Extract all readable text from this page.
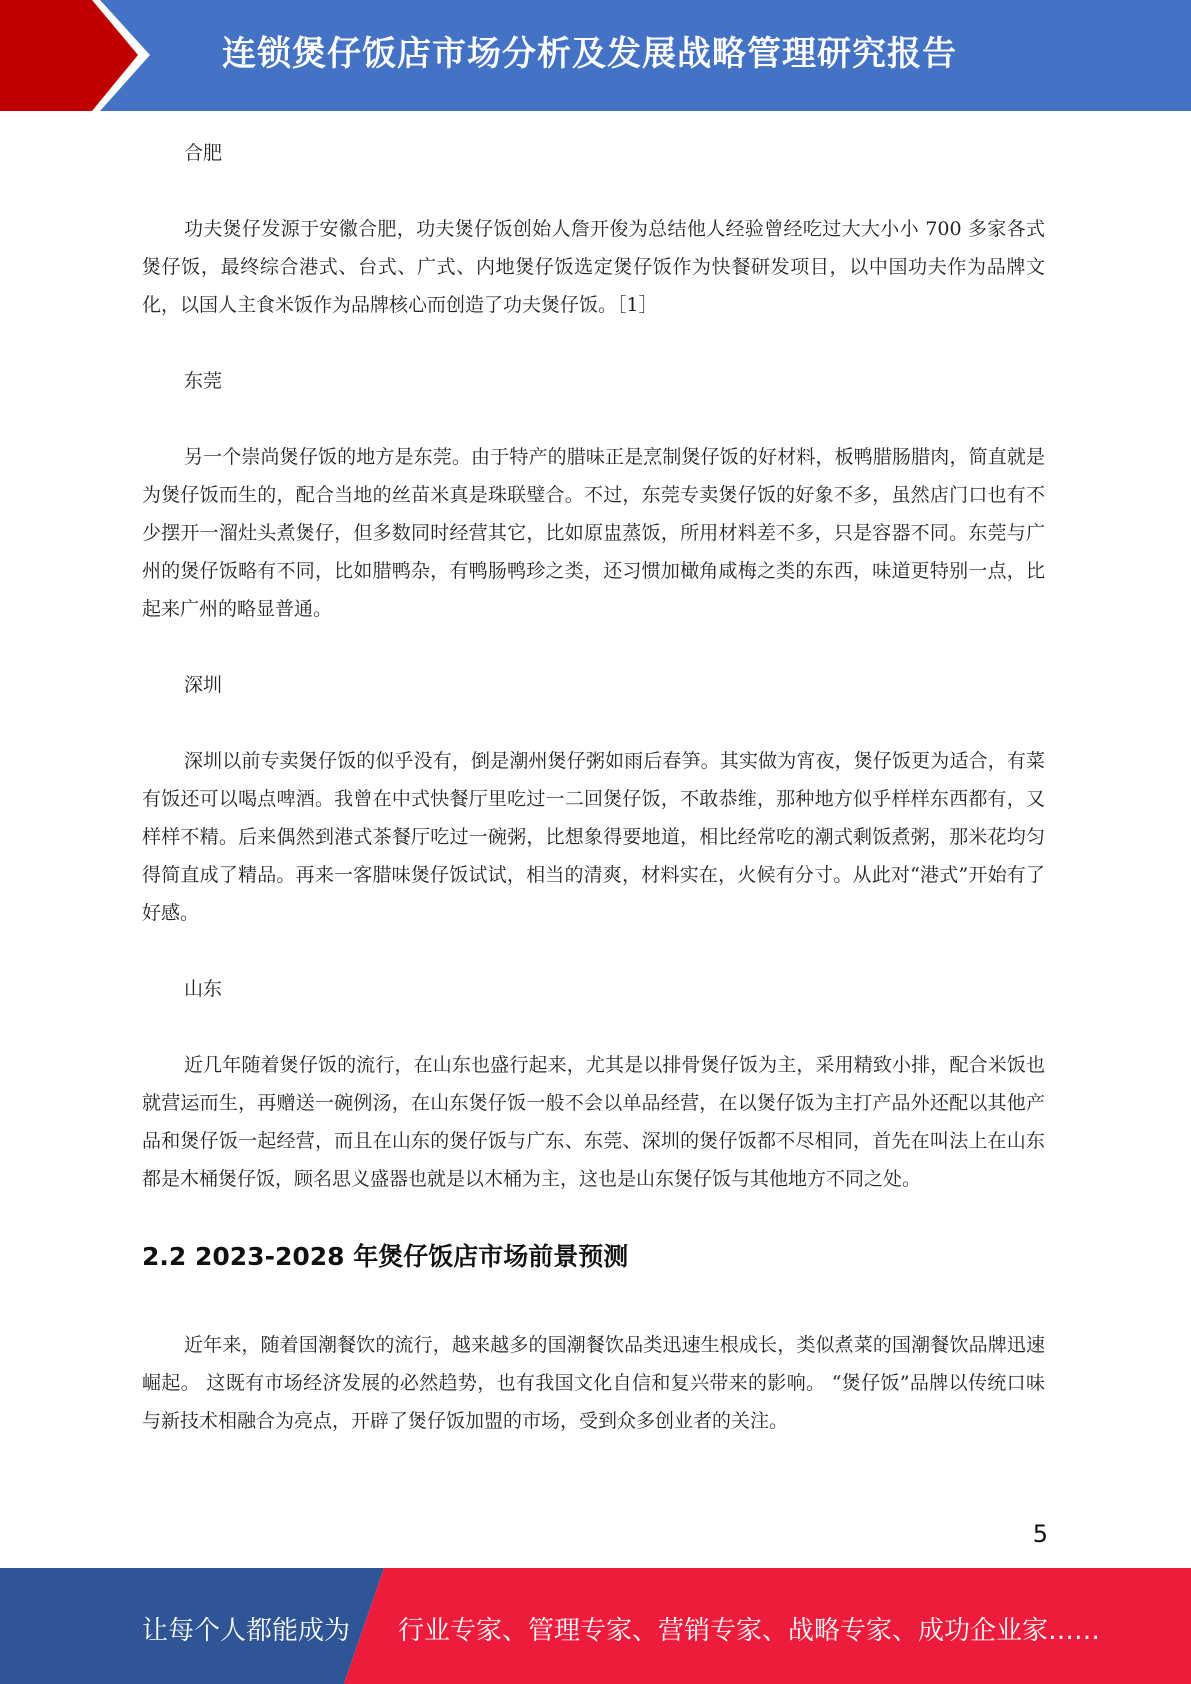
连锁煲仔饭店市场分析及发展战略管理研究报告

合肥

功夫煲仔发源于安徽合肥，功夫煲仔饭创始人詹开俊为总结他人经验曾经吃过大大小小 700 多家各式煲仔饭，最终综合港式、台式、广式、内地煲仔饭选定煲仔饭作为快餐研发项目，以中国功夫作为品牌文化，以国人主食米饭作为品牌核心而创造了功夫煲仔饭。［1］

东莞

另一个崇尚煲仔饭的地方是东莞。由于特产的腊味正是烹制煲仔饭的好材料，板鸭腊肠腊肉，简直就是为煲仔饭而生的，配合当地的丝苗米真是珠联璧合。不过，东莞专卖煲仔饭的好象不多，虽然店门口也有不少摆开一溜灶头煮煲仔，但多数同时经营其它，比如原盅蒸饭，所用材料差不多，只是容器不同。东莞与广州的煲仔饭略有不同，比如腊鸭杂，有鸭肠鸭珍之类，还习惯加橄角咸梅之类的东西，味道更特别一点，比起来广州的略显普通。

深圳

深圳以前专卖煲仔饭的似乎没有，倒是潮州煲仔粥如雨后春笋。其实做为宵夜，煲仔饭更为适合，有菜有饭还可以喝点啤酒。我曾在中式快餐厅里吃过一二回煲仔饭，不敢恭维，那种地方似乎样样东西都有，又样样不精。后来偶然到港式茶餐厅吃过一碗粥，比想象得要地道，相比经常吃的潮式剩饭煮粥，那米花均匀得简直成了精品。再来一客腊味煲仔饭试试，相当的清爽，材料实在，火候有分寸。从此对“港式”开始有了好感。

山东

近几年随着煲仔饭的流行，在山东也盛行起来，尤其是以排骨煲仔饭为主，采用精致小排，配合米饭也就营运而生，再赠送一碗例汤，在山东煲仔饭一般不会以单品经营，在以煲仔饭为主打产品外还配以其他产品和煲仔饭一起经营，而且在山东的煲仔饭与广东、东莞、深圳的煲仔饭都不尽相同，首先在叫法上在山东都是木桶煲仔饭，顾名思义盛器也就是以木桶为主，这也是山东煲仔饭与其他地方不同之处。

2.2 2023-2028 年煲仔饭店市场前景预测

近年来，随着国潮餐饮的流行，越来越多的国潮餐饮品类迅速生根成长，类似煮菜的国潮餐饮品牌迅速崛起。 这既有市场经济发展的必然趋势，也有我国文化自信和复兴带来的影响。 “煲仔饭”品牌以传统口味与新技术相融合为亮点，开辟了煲仔饭加盟的市场，受到众多创业者的关注。

5
让每个人都能成为 行业专家、管理专家、营销专家、战略专家、成功企业家……
